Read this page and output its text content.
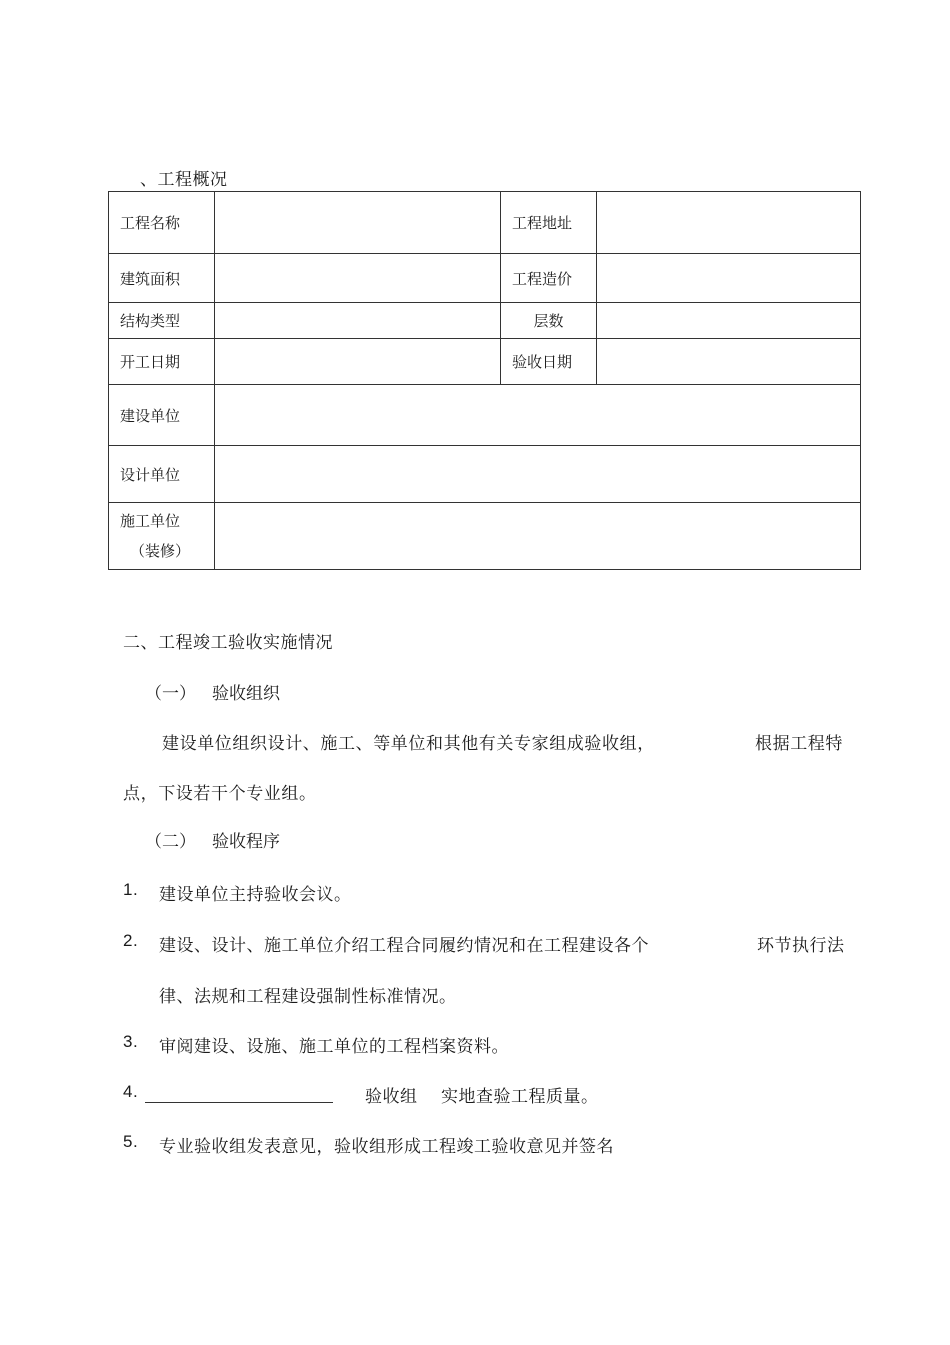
、工程概况
工程名称		工程地址	
建筑面积		工程造价	
结构类型		层数	
开工日期		验收日期	
建设单位			
设计单位			
施工单位
（装修）			

二、工程竣工验收实施情况
（一） 验收组织
建设单位组织设计、施工、等单位和其他有关专家组成验收组，	根据工程特
点，下设若干个专业组。
（二） 验收程序
1. 建设单位主持验收会议。
2. 建设、设计、施工单位介绍工程合同履约情况和在工程建设各个	环节执行法
律、法规和工程建设强制性标准情况。
3. 审阅建设、设施、施工单位的工程档案资料。
4.	验收组 实地查验工程质量。
5. 专业验收组发表意见，验收组形成工程竣工验收意见并签名
